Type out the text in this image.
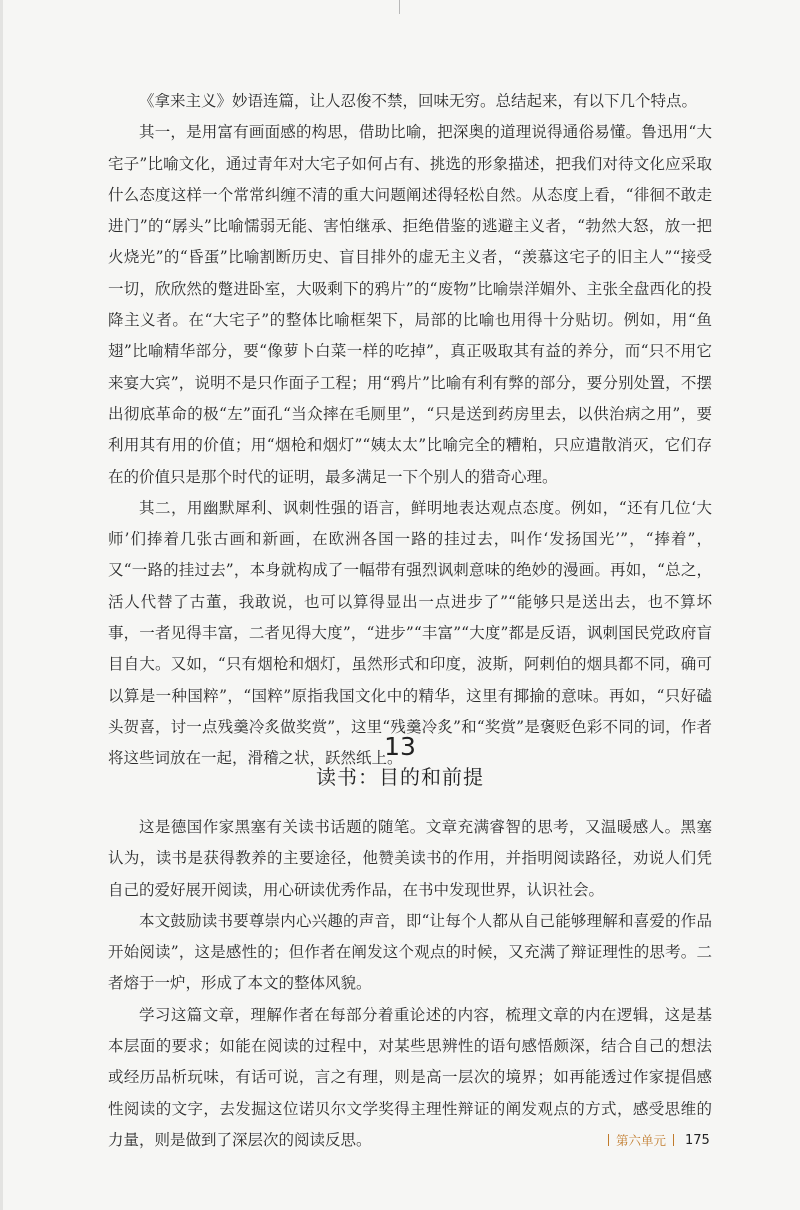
《拿来主义》妙语连篇，让人忍俊不禁，回味无穷。总结起来，有以下几个特点。

其一，是用富有画面感的构思，借助比喻，把深奥的道理说得通俗易懂。鲁迅用“大宅子”比喻文化，通过青年对大宅子如何占有、挑选的形象描述，把我们对待文化应采取什么态度这样一个常常纠缠不清的重大问题阐述得轻松自然。从态度上看，“徘徊不敢走进门”的“孱头”比喻懦弱无能、害怕继承、拒绝借鉴的逃避主义者，“勃然大怒，放一把火烧光”的“昏蛋”比喻割断历史、盲目排外的虚无主义者，“羡慕这宅子的旧主人”“接受一切，欣欣然的蹩进卧室，大吸剩下的鸦片”的“废物”比喻崇洋媚外、主张全盘西化的投降主义者。在“大宅子”的整体比喻框架下，局部的比喻也用得十分贴切。例如，用“鱼翅”比喻精华部分，要“像萝卜白菜一样的吃掉”，真正吸取其有益的养分，而“只不用它来宴大宾”，说明不是只作面子工程；用“鸦片”比喻有利有弊的部分，要分别处置，不摆出彻底革命的极“左”面孔“当众摔在毛厕里”，“只是送到药房里去，以供治病之用”，要利用其有用的价值；用“烟枪和烟灯”“姨太太”比喻完全的糟粕，只应遣散消灭，它们存在的价值只是那个时代的证明，最多满足一下个别人的猎奇心理。

其二，用幽默犀利、讽刺性强的语言，鲜明地表达观点态度。例如，“还有几位‘大师’们捧着几张古画和新画，在欧洲各国一路的挂过去，叫作‘发扬国光’”，“捧着”，又“一路的挂过去”，本身就构成了一幅带有强烈讽刺意味的绝妙的漫画。再如，“总之，活人代替了古董，我敢说，也可以算得显出一点进步了”“能够只是送出去，也不算坏事，一者见得丰富，二者见得大度”，“进步”“丰富”“大度”都是反语，讽刺国民党政府盲目自大。又如，“只有烟枪和烟灯，虽然形式和印度，波斯，阿剌伯的烟具都不同，确可以算是一种国粹”，“国粹”原指我国文化中的精华，这里有揶揄的意味。再如，“只好磕头贺喜，讨一点残羹冷炙做奖赏”，这里“残羹冷炙”和“奖赏”是褒贬色彩不同的词，作者将这些词放在一起，滑稽之状，跃然纸上。

13
读书：目的和前提

这是德国作家黑塞有关读书话题的随笔。文章充满睿智的思考，又温暖感人。黑塞认为，读书是获得教养的主要途径，他赞美读书的作用，并指明阅读路径，劝说人们凭自己的爱好展开阅读，用心研读优秀作品，在书中发现世界，认识社会。

本文鼓励读书要尊崇内心兴趣的声音，即“让每个人都从自己能够理解和喜爱的作品开始阅读”，这是感性的；但作者在阐发这个观点的时候，又充满了辩证理性的思考。二者熔于一炉，形成了本文的整体风貌。

学习这篇文章，理解作者在每部分着重论述的内容，梳理文章的内在逻辑，这是基本层面的要求；如能在阅读的过程中，对某些思辨性的语句感悟颇深，结合自己的想法或经历品析玩味，有话可说，言之有理，则是高一层次的境界；如再能透过作家提倡感性阅读的文字，去发掘这位诺贝尔文学奖得主理性辩证的阐发观点的方式，感受思维的力量，则是做到了深层次的阅读反思。	第六单元 175
